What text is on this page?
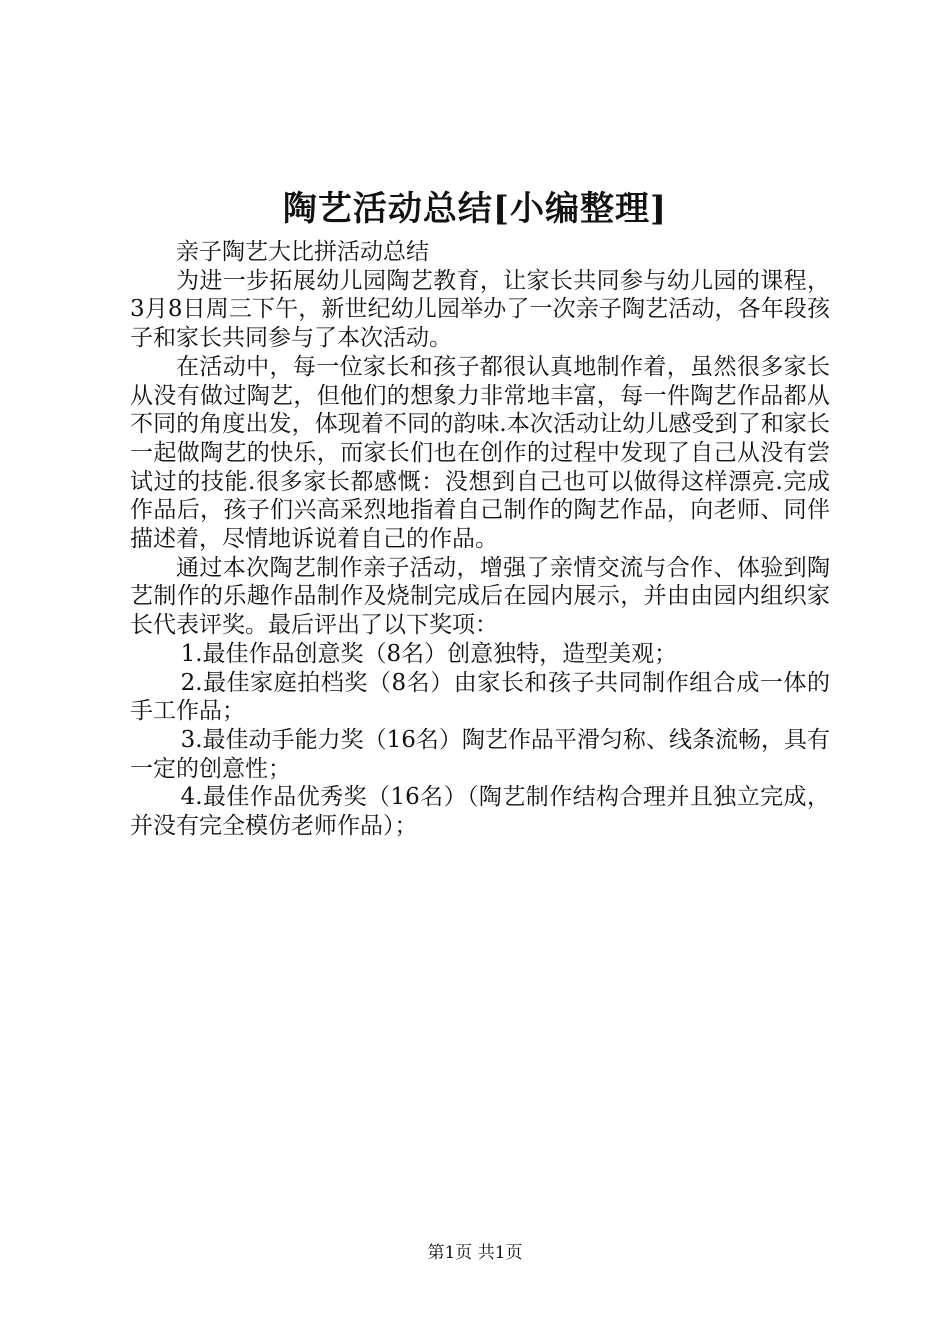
陶艺活动总结[小编整理]

亲子陶艺大比拼活动总结

为进一步拓展幼儿园陶艺教育，让家长共同参与幼儿园的课程，3月8日周三下午，新世纪幼儿园举办了一次亲子陶艺活动，各年段孩子和家长共同参与了本次活动。

在活动中，每一位家长和孩子都很认真地制作着，虽然很多家长从没有做过陶艺，但他们的想象力非常地丰富，每一件陶艺作品都从不同的角度出发，体现着不同的韵味.本次活动让幼儿感受到了和家长一起做陶艺的快乐，而家长们也在创作的过程中发现了自己从没有尝试过的技能.很多家长都感慨：没想到自己也可以做得这样漂亮.完成作品后，孩子们兴高采烈地指着自己制作的陶艺作品，向老师、同伴描述着，尽情地诉说着自己的作品。

通过本次陶艺制作亲子活动，增强了亲情交流与合作、体验到陶艺制作的乐趣作品制作及烧制完成后在园内展示，并由由园内组织家长代表评奖。最后评出了以下奖项：

1.最佳作品创意奖（8名）创意独特，造型美观；

2.最佳家庭拍档奖（8名）由家长和孩子共同制作组合成一体的手工作品；

3.最佳动手能力奖（16名）陶艺作品平滑匀称、线条流畅，具有一定的创意性；

4.最佳作品优秀奖（16名）（陶艺制作结构合理并且独立完成，并没有完全模仿老师作品）；

第1页 共1页
